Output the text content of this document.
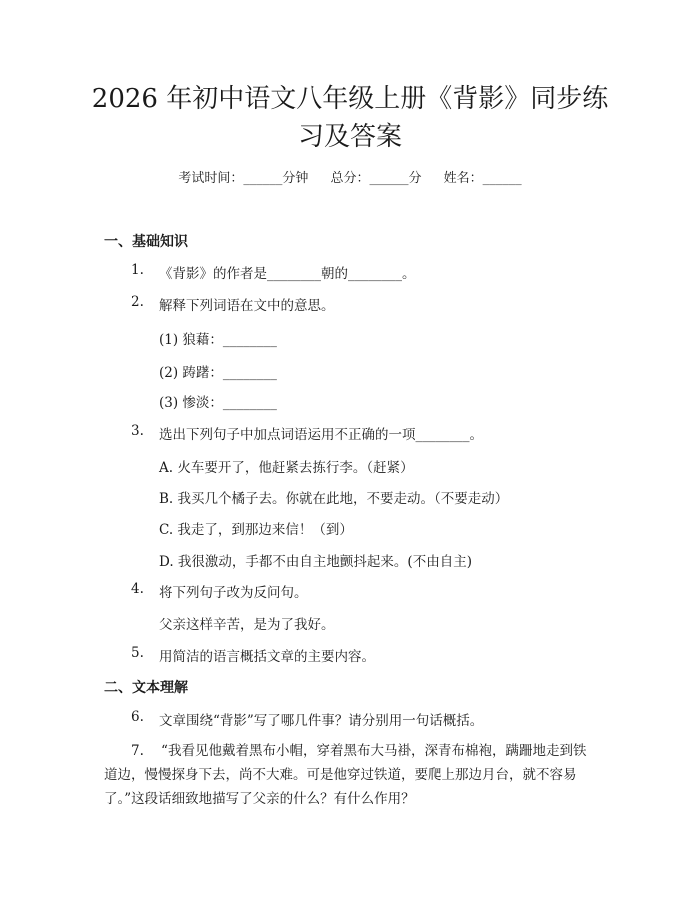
2026 年初中语文八年级上册《背影》同步练
习及答案
考试时间：______分钟 总分：______分 姓名：______
一、基础知识
1. 《背影》的作者是________朝的________。
2. 解释下列词语在文中的意思。
(1) 狼藉：________
(2) 踌躇：________
(3) 惨淡：________
3. 选出下列句子中加点词语运用不正确的一项________。
A. 火车要开了，他赶紧去拣行李。（赶紧）
B. 我买几个橘子去。你就在此地，不要走动。（不要走动）
C. 我走了，到那边来信！（到）
D. 我很激动，手都不由自主地颤抖起来。(不由自主)
4. 将下列句子改为反问句。
父亲这样辛苦，是为了我好。
5. 用简洁的语言概括文章的主要内容。
二、文本理解
6. 文章围绕“背影”写了哪几件事？请分别用一句话概括。
7.    “我看见他戴着黑布小帽，穿着黑布大马褂，深青布棉袍，蹒跚地走到铁
道边，慢慢探身下去，尚不大难。可是他穿过铁道，要爬上那边月台，就不容易
了。”这段话细致地描写了父亲的什么？有什么作用？
